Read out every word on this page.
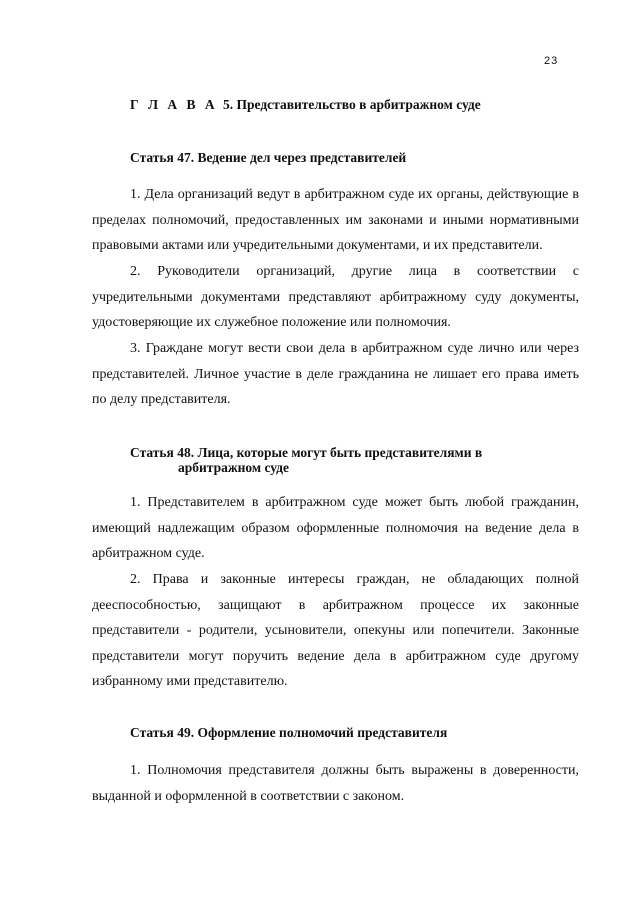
23
Г Л А В А 5. Представительство в арбитражном суде
Статья 47. Ведение дел через представителей

1. Дела организаций ведут в арбитражном суде их органы, действующие в пределах полномочий, предоставленных им законами и иными нормативными правовыми актами или учредительными документами, и их представители.

2. Руководители организаций, другие лица в соответствии с учредительными документами представляют арбитражному суду документы, удостоверяющие их служебное положение или полномочия.

3. Граждане могут вести свои дела в арбитражном суде лично или через представителей. Личное участие в деле гражданина не лишает его права иметь по делу представителя.

Статья 48. Лица, которые могут быть представителями в
арбитражном суде

1. Представителем в арбитражном суде может быть любой гражданин, имеющий надлежащим образом оформленные полномочия на ведение дела в арбитражном суде.

2. Права и законные интересы граждан, не обладающих полной дееспособностью, защищают в арбитражном процессе их законные представители - родители, усыновители, опекуны или попечители. Законные представители могут поручить ведение дела в арбитражном суде другому избранному ими представителю.

Статья 49. Оформление полномочий представителя

1. Полномочия представителя должны быть выражены в доверенности, выданной и оформленной в соответствии с законом.
